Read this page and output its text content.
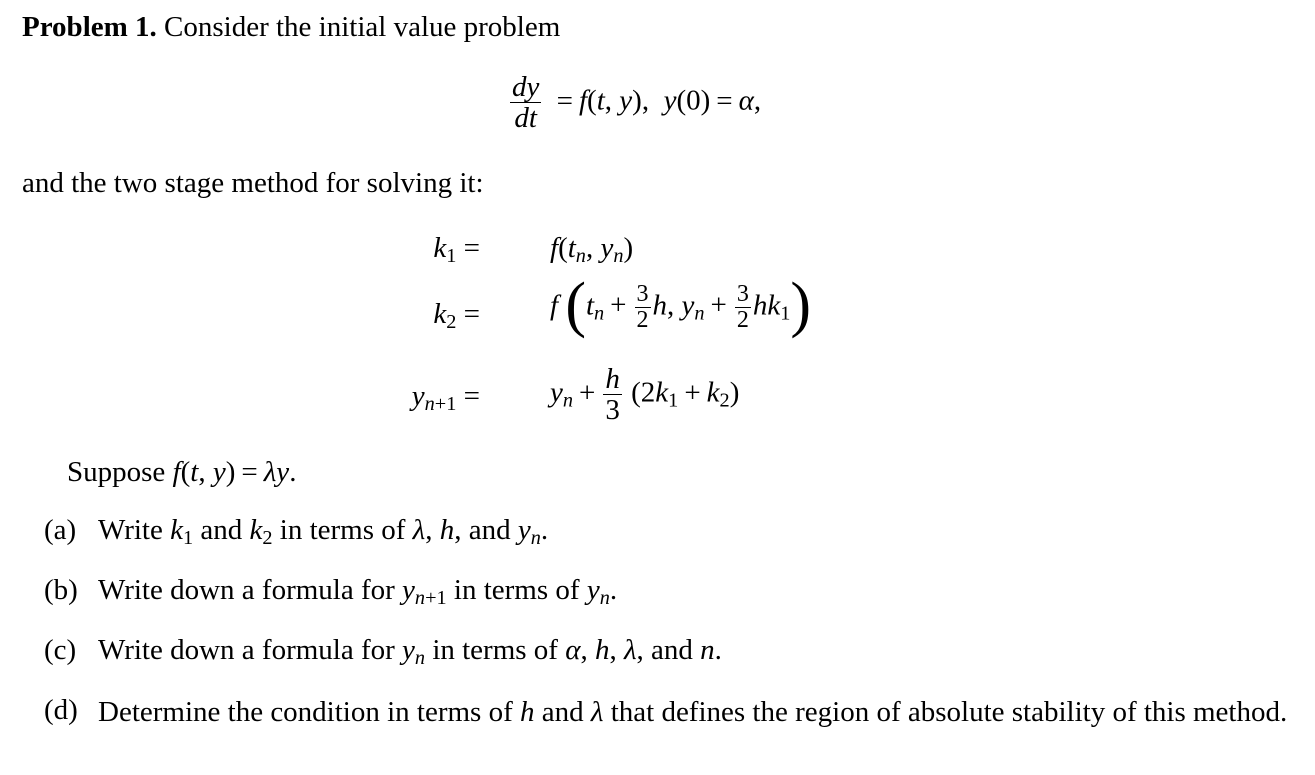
Problem 1. Consider the initial value problem
$\frac{dy}{dt} = f(t$, y),  y(0) = α,
and the two stage method for solving it:
$k_1 = f(tn$, yn)
$k_2 = f$ ($tn + \frac{3}{2} h$, yn + $\frac{3}{2} hk_1$)
$yn_{+1}$ = yn + $\frac{h}{3} (2k_1 + k_2)$
Suppose f(t, y) = λy.
(a) Write $k_1$ and $k_2$ in terms of λ, h, and yn.
(b) Write down a formula for $yn_{+1}$ in terms of yn.
(c) Write down a formula for yn in terms of α, h, λ, and n.
(d) Determine the condition in terms of h and λ that defines the region of absolute stability of this method.
